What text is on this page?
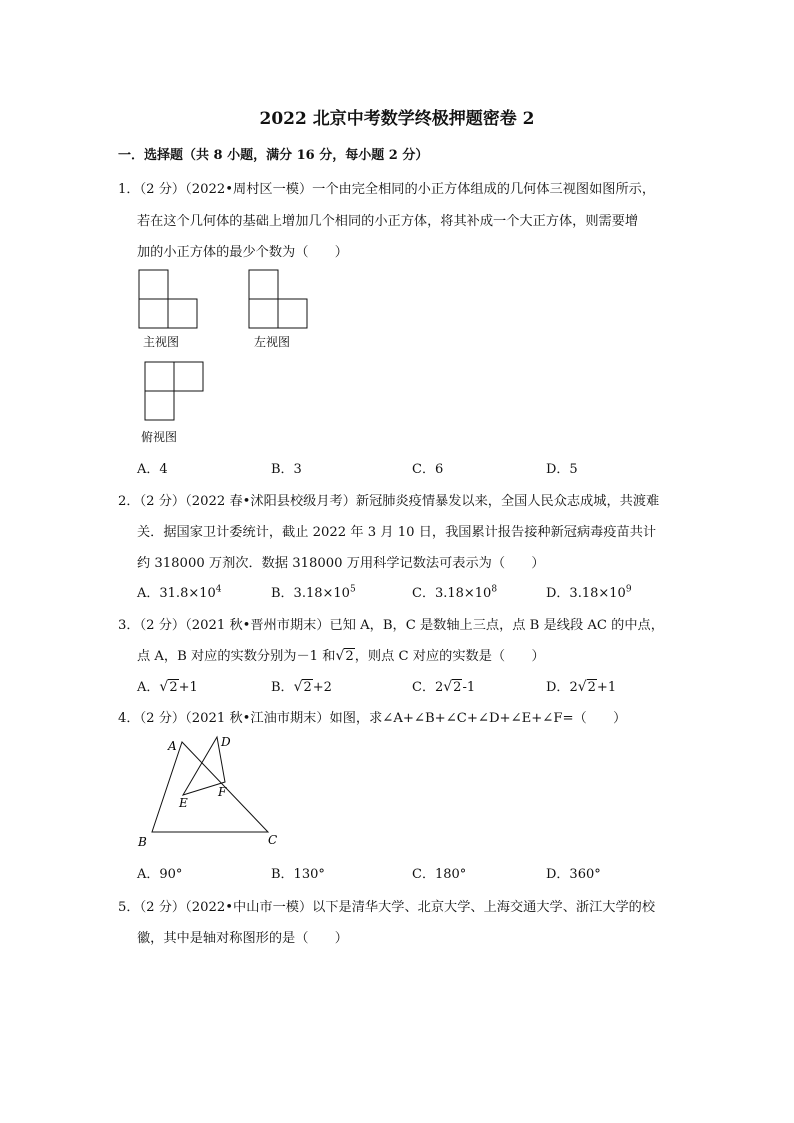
2022 北京中考数学终极押题密卷 2
一．选择题（共 8 小题，满分 16 分，每小题 2 分）
1．（2 分）（2022•周村区一模）一个由完全相同的小正方体组成的几何体三视图如图所示，
若在这个几何体的基础上增加几个相同的小正方体，将其补成一个大正方体，则需要增
加的小正方体的最少个数为（　　）
主视图	左视图
俯视图
A．4	B．3	C．6	D．5
2．（2 分）（2022 春•沭阳县校级月考）新冠肺炎疫情暴发以来，全国人民众志成城，共渡难
关．据国家卫计委统计，截止 2022 年 3 月 10 日，我国累计报告接种新冠病毒疫苗共计
约 318000 万剂次．数据 318000 万用科学记数法可表示为（　　）
A．$31.8\times 10^4$	B．$3.18\times 10^5$	C．$3.18\times 10^8$	D．$3.18\times 10^9$
3．（2 分）（2021 秋•晋州市期末）已知 A，B，C 是数轴上三点，点 B 是线段 AC 的中点，
点 A，B 对应的实数分别为－1 和√2，则点 C 对应的实数是（　　）
A．√2+1	B．√2+2	C．2√2-1	D．2√2+1
4．（2 分）（2021 秋•江油市期末）如图，求∠A+∠B+∠C+∠D+∠E+∠F=（　　）
A	D
E
F
B	C
A．90°	B．130°	C．180°	D．360°
5．（2 分）（2022•中山市一模）以下是清华大学、北京大学、上海交通大学、浙江大学的校
徽，其中是轴对称图形的是（　　）
